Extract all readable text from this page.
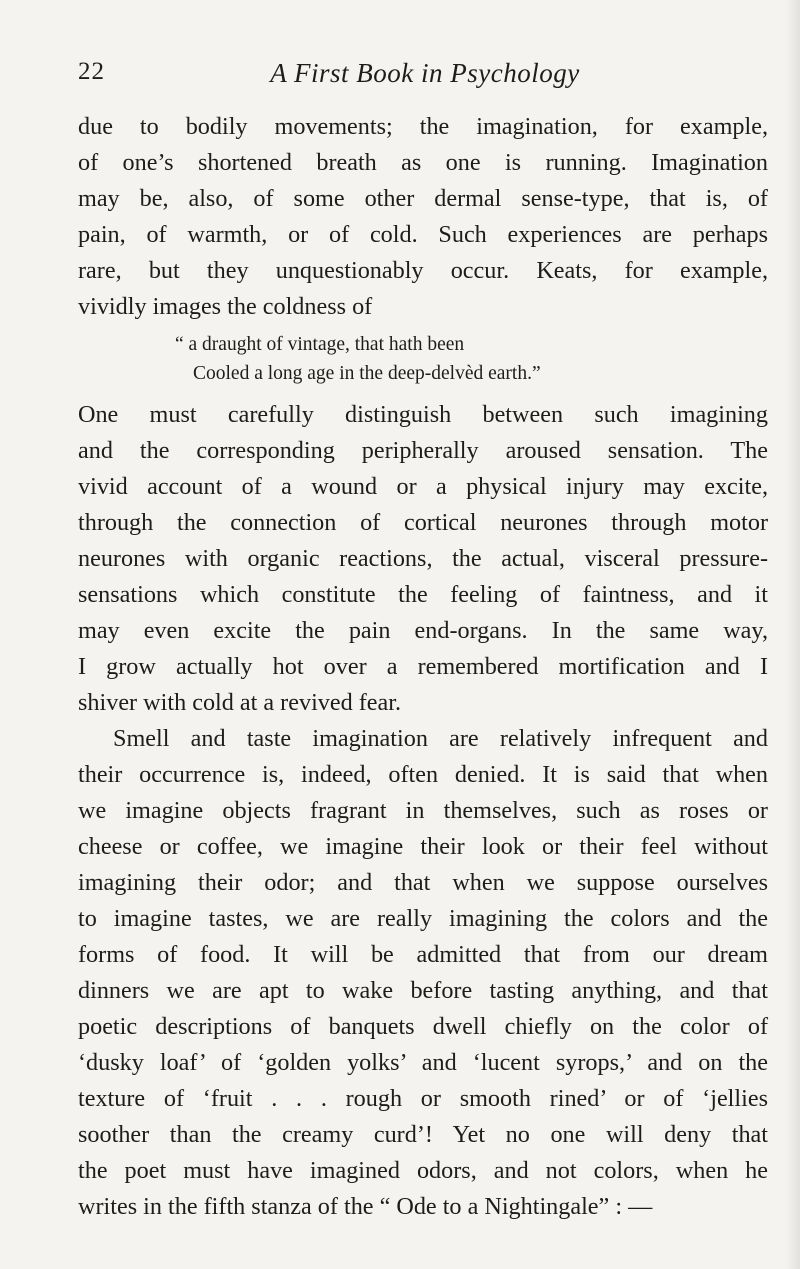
22	A First Book in Psychology
due to bodily movements; the imagination, for example,
of one’s shortened breath as one is running. Imagination
may be, also, of some other dermal sense-type, that is, of
pain, of warmth, or of cold. Such experiences are perhaps
rare, but they unquestionably occur. Keats, for example,
vividly images the coldness of
“ a draught of vintage, that hath been
Cooled a long age in the deep-delvèd earth.”
One must carefully distinguish between such imagining
and the corresponding peripherally aroused sensation. The
vivid account of a wound or a physical injury may excite,
through the connection of cortical neurones through motor
neurones with organic reactions, the actual, visceral pressure-
sensations which constitute the feeling of faintness, and it
may even excite the pain end-organs. In the same way,
I grow actually hot over a remembered mortification and I
shiver with cold at a revived fear.
Smell and taste imagination are relatively infrequent and
their occurrence is, indeed, often denied. It is said that when
we imagine objects fragrant in themselves, such as roses or
cheese or coffee, we imagine their look or their feel without
imagining their odor; and that when we suppose ourselves
to imagine tastes, we are really imagining the colors and the
forms of food. It will be admitted that from our dream
dinners we are apt to wake before tasting anything, and that
poetic descriptions of banquets dwell chiefly on the color of
‘dusky loaf’ of ‘golden yolks’ and ‘lucent syrops,’ and on the
texture of ‘fruit . . . rough or smooth rined’ or of ‘jellies
soother than the creamy curd’! Yet no one will deny that
the poet must have imagined odors, and not colors, when he
writes in the fifth stanza of the “ Ode to a Nightingale” : —
